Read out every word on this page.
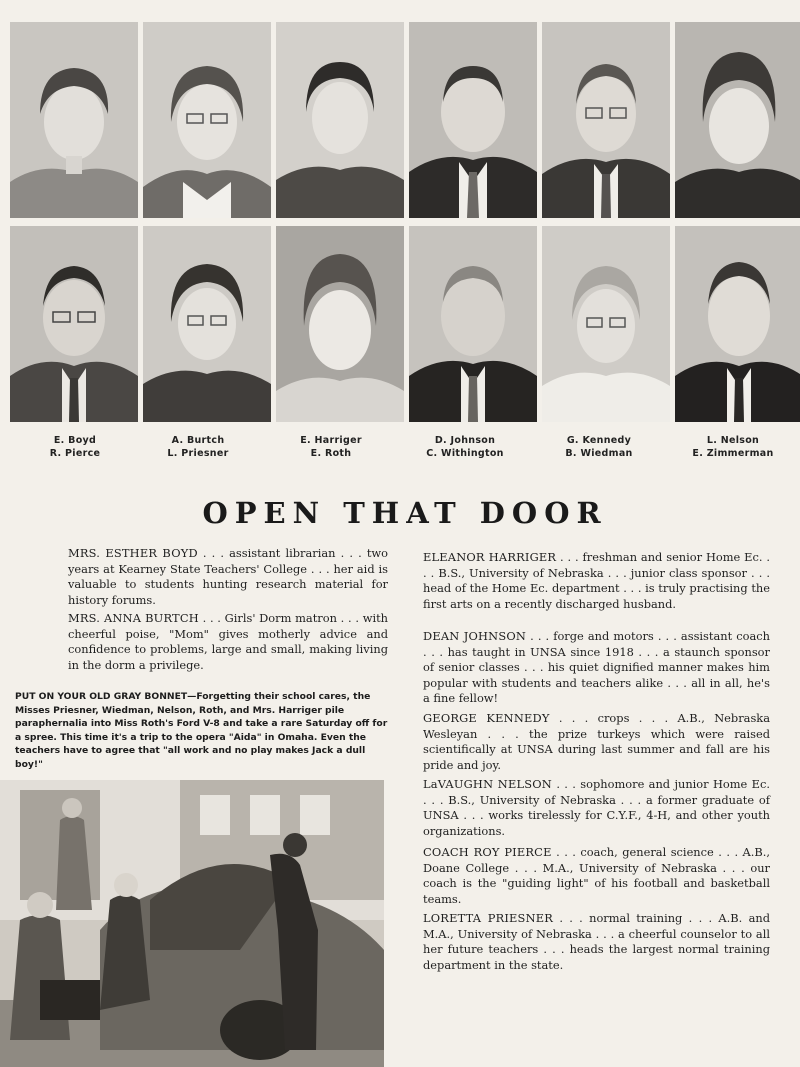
E. Boyd
R. Pierce
A. Burtch
L. Priesner
E. Harriger
E. Roth
D. Johnson
C. Withington
G. Kennedy
B. Wiedman
L. Nelson
E. Zimmerman
OPEN THAT DOOR
MRS. ESTHER BOYD . . . assistant librarian . . . two years at Kearney State Teachers' College . . . her aid is valuable to students hunting research material for history forums.
MRS. ANNA BURTCH . . . Girls' Dorm matron . . . with cheerful poise, "Mom" gives motherly advice and confidence to problems, large and small, making living in the dorm a privilege.
PUT ON YOUR OLD GRAY BONNET—Forgetting their school cares, the Misses Priesner, Wiedman, Nelson, Roth, and Mrs. Harriger pile paraphernalia into Miss Roth's Ford V-8 and take a rare Saturday off for a spree. This time it's a trip to the opera "Aida" in Omaha. Even the teachers have to agree that "all work and no play makes Jack a dull boy!"
ELEANOR HARRIGER . . . freshman and senior Home Ec. . . . B.S., University of Nebraska . . . junior class sponsor . . . head of the Home Ec. department . . . is truly practising the first arts on a recently discharged husband.
DEAN JOHNSON . . . forge and motors . . . assistant coach . . . has taught in UNSA since 1918 . . . a staunch sponsor of senior classes . . . his quiet dignified manner makes him popular with students and teachers alike . . . all in all, he's a fine fellow!
GEORGE KENNEDY . . . crops . . . A.B., Nebraska Wesleyan . . . the prize turkeys which were raised scientifically at UNSA during last summer and fall are his pride and joy.
LaVAUGHN NELSON . . . sophomore and junior Home Ec. . . . B.S., University of Nebraska . . . a former graduate of UNSA . . . works tirelessly for C.Y.F., 4-H, and other youth organizations.
COACH ROY PIERCE . . . coach, general science . . . A.B., Doane College . . . M.A., University of Nebraska . . . our coach is the "guiding light" of his football and basketball teams.
LORETTA PRIESNER . . . normal training . . . A.B. and M.A., University of Nebraska . . . a cheerful counselor to all her future teachers . . . heads the largest normal training department in the state.
